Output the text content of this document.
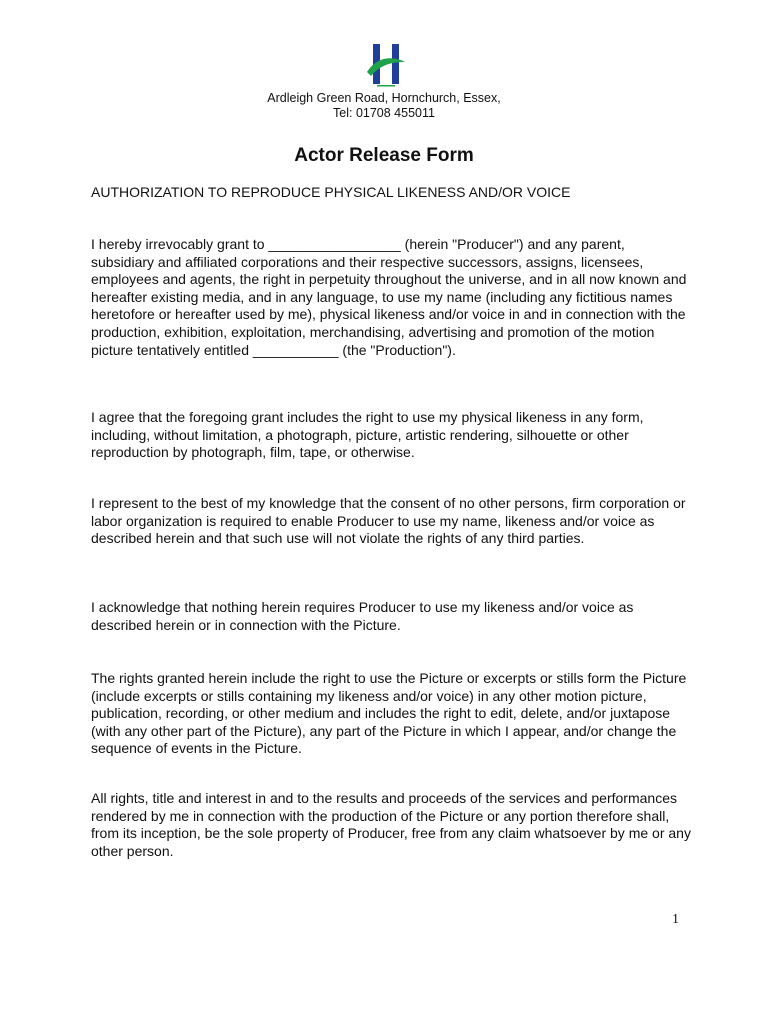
Ardleigh Green Road, Hornchurch, Essex,
Tel: 01708 455011
Actor Release Form
AUTHORIZATION TO REPRODUCE PHYSICAL LIKENESS AND/OR VOICE
I hereby irrevocably grant to _________________ (herein "Producer") and any parent, subsidiary and affiliated corporations and their respective successors, assigns, licensees, employees and agents, the right in perpetuity throughout the universe, and in all now known and hereafter existing media, and in any language, to use my name (including any fictitious names heretofore or hereafter used by me), physical likeness and/or voice in and in connection with the production, exhibition, exploitation, merchandising, advertising and promotion of the motion picture tentatively entitled ___________ (the "Production").
I agree that the foregoing grant includes the right to use my physical likeness in any form, including, without limitation, a photograph, picture, artistic rendering, silhouette or other reproduction by photograph, film, tape, or otherwise.
I represent to the best of my knowledge that the consent of no other persons, firm corporation or labor organization is required to enable Producer to use my name, likeness and/or voice as described herein and that such use will not violate the rights of any third parties.
I acknowledge that nothing herein requires Producer to use my likeness and/or voice as described herein or in connection with the Picture.
The rights granted herein include the right to use the Picture or excerpts or stills form the Picture (include excerpts or stills containing my likeness and/or voice) in any other motion picture, publication, recording, or other medium and includes the right to edit, delete, and/or juxtapose (with any other part of the Picture), any part of the Picture in which I appear, and/or change the sequence of events in the Picture.
All rights, title and interest in and to the results and proceeds of the services and performances rendered by me in connection with the production of the Picture or any portion therefore shall, from its inception, be the sole property of Producer, free from any claim whatsoever by me or any other person.
1
